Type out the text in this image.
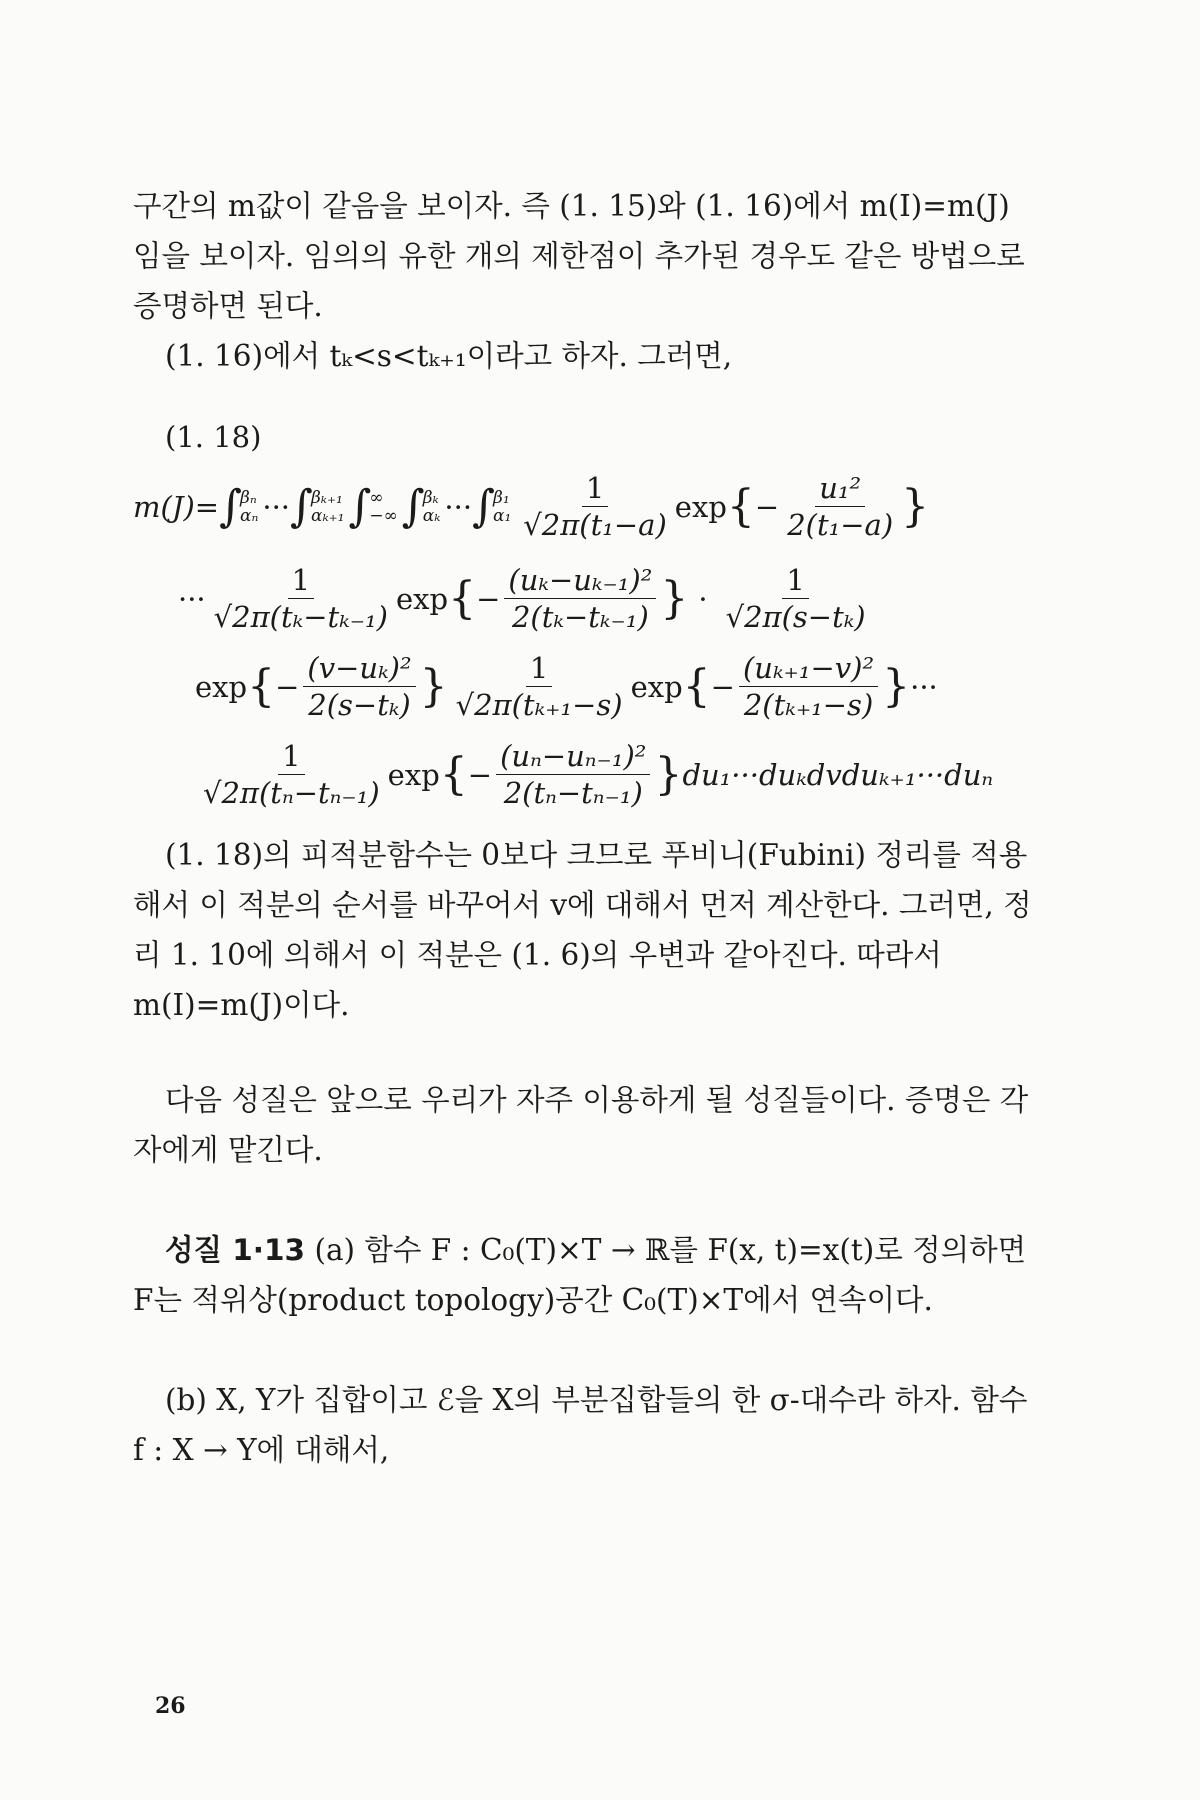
구간의 m값이 같음을 보이자. 즉 (1. 15)와 (1. 16)에서 m(I)=m(J)임을 보이자. 임의의 유한 개의 제한점이 추가된 경우도 같은 방법으로 증명하면 된다.

(1. 16)에서 tₖ<s<tₖ₊₁이라고 하자. 그러면,

(1. 18)
m(J)= ∫
βₙ
αₙ ··· ∫
βₖ₊₁
αₖ₊₁ ∫
∞
−∞ ∫
βₖ
αₖ ··· ∫
β₁
$\alpha_1 \frac{1}{\text{√2π(t₁−a)}}$ exp { − $\frac{\text{u₁²}}{\text{2(t₁−a)}}$ }
··· $\frac{1}{\text{√2π(tₖ−tₖ₋₁)}}$ exp { − $\frac{\text{(uₖ−uₖ₋₁)²}}{\text{2(tₖ−tₖ₋₁)}}$ } · $\frac{1}{\text{√2π(s−tₖ)}}$
exp { − $\frac{\text{(v−uₖ)²}}{\text{2(s−tₖ)}}$ } $\frac{1}{\text{√2π(tₖ₊₁−s)}}$ exp { − $\frac{\text{(uₖ₊₁−v)²}}{\text{2(tₖ₊₁−s)}}$ } ···
$\frac{1}{\text{√2π(tₙ−tₙ₋₁)}}$ exp { − $\frac{\text{(uₙ−uₙ₋₁)²}}{\text{2(tₙ−tₙ₋₁)}}$ } du₁···duₖdvduₖ₊₁···duₙ

(1. 18)의 피적분함수는 0보다 크므로 푸비니(Fubini) 정리를 적용해서 이 적분의 순서를 바꾸어서 v에 대해서 먼저 계산한다. 그러면, 정리 1. 10에 의해서 이 적분은 (1. 6)의 우변과 같아진다. 따라서 m(I)=m(J)이다.

다음 성질은 앞으로 우리가 자주 이용하게 될 성질들이다. 증명은 각자에게 맡긴다.

성질 1·13 (a) 함수 F : C₀(T)×T → ℝ를 F(x, t)=x(t)로 정의하면 F는 적위상(product topology)공간 C₀(T)×T에서 연속이다.

(b) X, Y가 집합이고 ℰ을 X의 부분집합들의 한 σ-대수라 하자. 함수 f : X → Y에 대해서,

26
